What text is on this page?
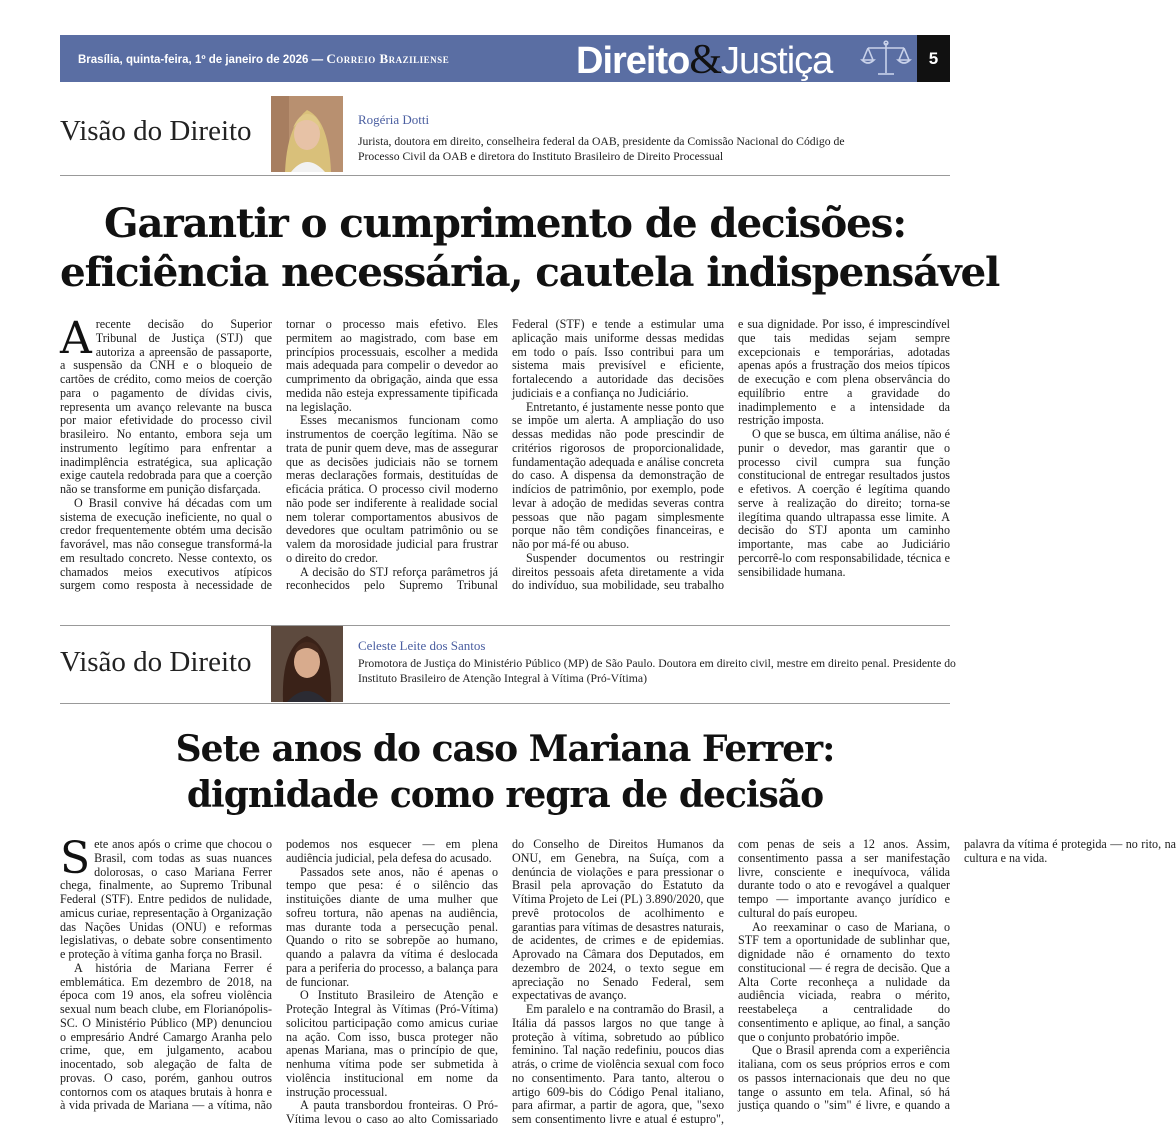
Brasília, quinta-feira, 1º de janeiro de 2026 — Correio Braziliense	Direito&Justiça	5
Visão do Direito	Rogéria Dotti
Jurista, doutora em direito, conselheira federal da OAB, presidente da Comissão Nacional do Código de Processo Civil da OAB e diretora do Instituto Brasileiro de Direito Processual
Garantir o cumprimento de decisões:
eficiência necessária, cautela indispensável

Arecente decisão do Superior Tribunal de Justiça (STJ) que autoriza a apreensão de passaporte, a suspensão da CNH e o bloqueio de cartões de crédito, como meios de coerção para o pagamento de dívidas civis, representa um avanço relevante na busca por maior efetividade do processo civil brasileiro. No entanto, embora seja um instrumento legítimo para enfrentar a inadimplência estratégica, sua aplicação exige cautela redobrada para que a coerção não se transforme em punição disfarçada.

O Brasil convive há décadas com um sistema de execução ineficiente, no qual o credor frequentemente obtém uma decisão favorável, mas não consegue transformá-la em resultado concreto. Nesse contexto, os chamados meios executivos atípicos surgem como resposta à necessidade de tornar o processo mais efetivo. Eles permitem ao magistrado, com base em princípios processuais, escolher a medida mais adequada para compelir o devedor ao cumprimento da obrigação, ainda que essa medida não esteja expressamente tipificada na legislação.

Esses mecanismos funcionam como instrumentos de coerção legítima. Não se trata de punir quem deve, mas de assegurar que as decisões judiciais não se tornem meras declarações formais, destituídas de eficácia prática. O processo civil moderno não pode ser indiferente à realidade social nem tolerar comportamentos abusivos de devedores que ocultam patrimônio ou se valem da morosidade judicial para frustrar o direito do credor.

A decisão do STJ reforça parâmetros já reconhecidos pelo Supremo Tribunal Federal (STF) e tende a estimular uma aplicação mais uniforme dessas medidas em todo o país. Isso contribui para um sistema mais previsível e eficiente, fortalecendo a autoridade das decisões judiciais e a confiança no Judiciário.

Entretanto, é justamente nesse ponto que se impõe um alerta. A ampliação do uso dessas medidas não pode prescindir de critérios rigorosos de proporcionalidade, fundamentação adequada e análise concreta do caso. A dispensa da demonstração de indícios de patrimônio, por exemplo, pode levar à adoção de medidas severas contra pessoas que não pagam simplesmente porque não têm condições financeiras, e não por má-fé ou abuso.

Suspender documentos ou restringir direitos pessoais afeta diretamente a vida do indivíduo, sua mobilidade, seu trabalho e sua dignidade. Por isso, é imprescindível que tais medidas sejam sempre excepcionais e temporárias, adotadas apenas após a frustração dos meios típicos de execução e com plena observância do equilíbrio entre a gravidade do inadimplemento e a intensidade da restrição imposta.

O que se busca, em última análise, não é punir o devedor, mas garantir que o processo civil cumpra sua função constitucional de entregar resultados justos e efetivos. A coerção é legítima quando serve à realização do direito; torna-se ilegítima quando ultrapassa esse limite. A decisão do STJ aponta um caminho importante, mas cabe ao Judiciário percorrê-lo com responsabilidade, técnica e sensibilidade humana.

Visão do Direito
Celeste Leite dos Santos
Promotora de Justiça do Ministério Público (MP) de São Paulo. Doutora em direito civil, mestre em direito penal. Presidente do Instituto Brasileiro de Atenção Integral à Vítima (Pró-Vítima)
Sete anos do caso Mariana Ferrer:
dignidade como regra de decisão

Sete anos após o crime que chocou o Brasil, com todas as suas nuances dolorosas, o caso Mariana Ferrer chega, finalmente, ao Supremo Tribunal Federal (STF). Entre pedidos de nulidade, amicus curiae, representação à Organização das Nações Unidas (ONU) e reformas legislativas, o debate sobre consentimento e proteção à vítima ganha força no Brasil.

A história de Mariana Ferrer é emblemática. Em dezembro de 2018, na época com 19 anos, ela sofreu violência sexual num beach clube, em Florianópolis-SC. O Ministério Público (MP) denunciou o empresário André Camargo Aranha pelo crime, que, em julgamento, acabou inocentado, sob alegação de falta de provas. O caso, porém, ganhou outros contornos com os ataques brutais à honra e à vida privada de Mariana — a vítima, não podemos nos esquecer — em plena audiência judicial, pela defesa do acusado.

Passados sete anos, não é apenas o tempo que pesa: é o silêncio das instituições diante de uma mulher que sofreu tortura, não apenas na audiência, mas durante toda a persecução penal. Quando o rito se sobrepõe ao humano, quando a palavra da vítima é deslocada para a periferia do processo, a balança para de funcionar.

O Instituto Brasileiro de Atenção e Proteção Integral às Vítimas (Pró-Vítima) solicitou participação como amicus curiae na ação. Com isso, busca proteger não apenas Mariana, mas o princípio de que, nenhuma vítima pode ser submetida à violência institucional em nome da instrução processual.

A pauta transbordou fronteiras. O Pró-Vítima levou o caso ao alto Comissariado do Conselho de Direitos Humanos da ONU, em Genebra, na Suíça, com a denúncia de violações e para pressionar o Brasil pela aprovação do Estatuto da Vítima Projeto de Lei (PL) 3.890/2020, que prevê protocolos de acolhimento e garantias para vítimas de desastres naturais, de acidentes, de crimes e de epidemias. Aprovado na Câmara dos Deputados, em dezembro de 2024, o texto segue em apreciação no Senado Federal, sem expectativas de avanço.

Em paralelo e na contramão do Brasil, a Itália dá passos largos no que tange à proteção à vítima, sobretudo ao público feminino. Tal nação redefiniu, poucos dias atrás, o crime de violência sexual com foco no consentimento. Para tanto, alterou o artigo 609-bis do Código Penal italiano, para afirmar, a partir de agora, que, "sexo sem consentimento livre e atual é estupro", com penas de seis a 12 anos. Assim, consentimento passa a ser manifestação livre, consciente e inequívoca, válida durante todo o ato e revogável a qualquer tempo — importante avanço jurídico e cultural do país europeu.

Ao reexaminar o caso de Mariana, o STF tem a oportunidade de sublinhar que, dignidade não é ornamento do texto constitucional — é regra de decisão. Que a Alta Corte reconheça a nulidade da audiência viciada, reabra o mérito, reestabeleça a centralidade do consentimento e aplique, ao final, a sanção que o conjunto probatório impõe.

Que o Brasil aprenda com a experiência italiana, com os seus próprios erros e com os passos internacionais que deu no que tange o assunto em tela. Afinal, só há justiça quando o "sim" é livre, e quando a palavra da vítima é protegida — no rito, na cultura e na vida.
